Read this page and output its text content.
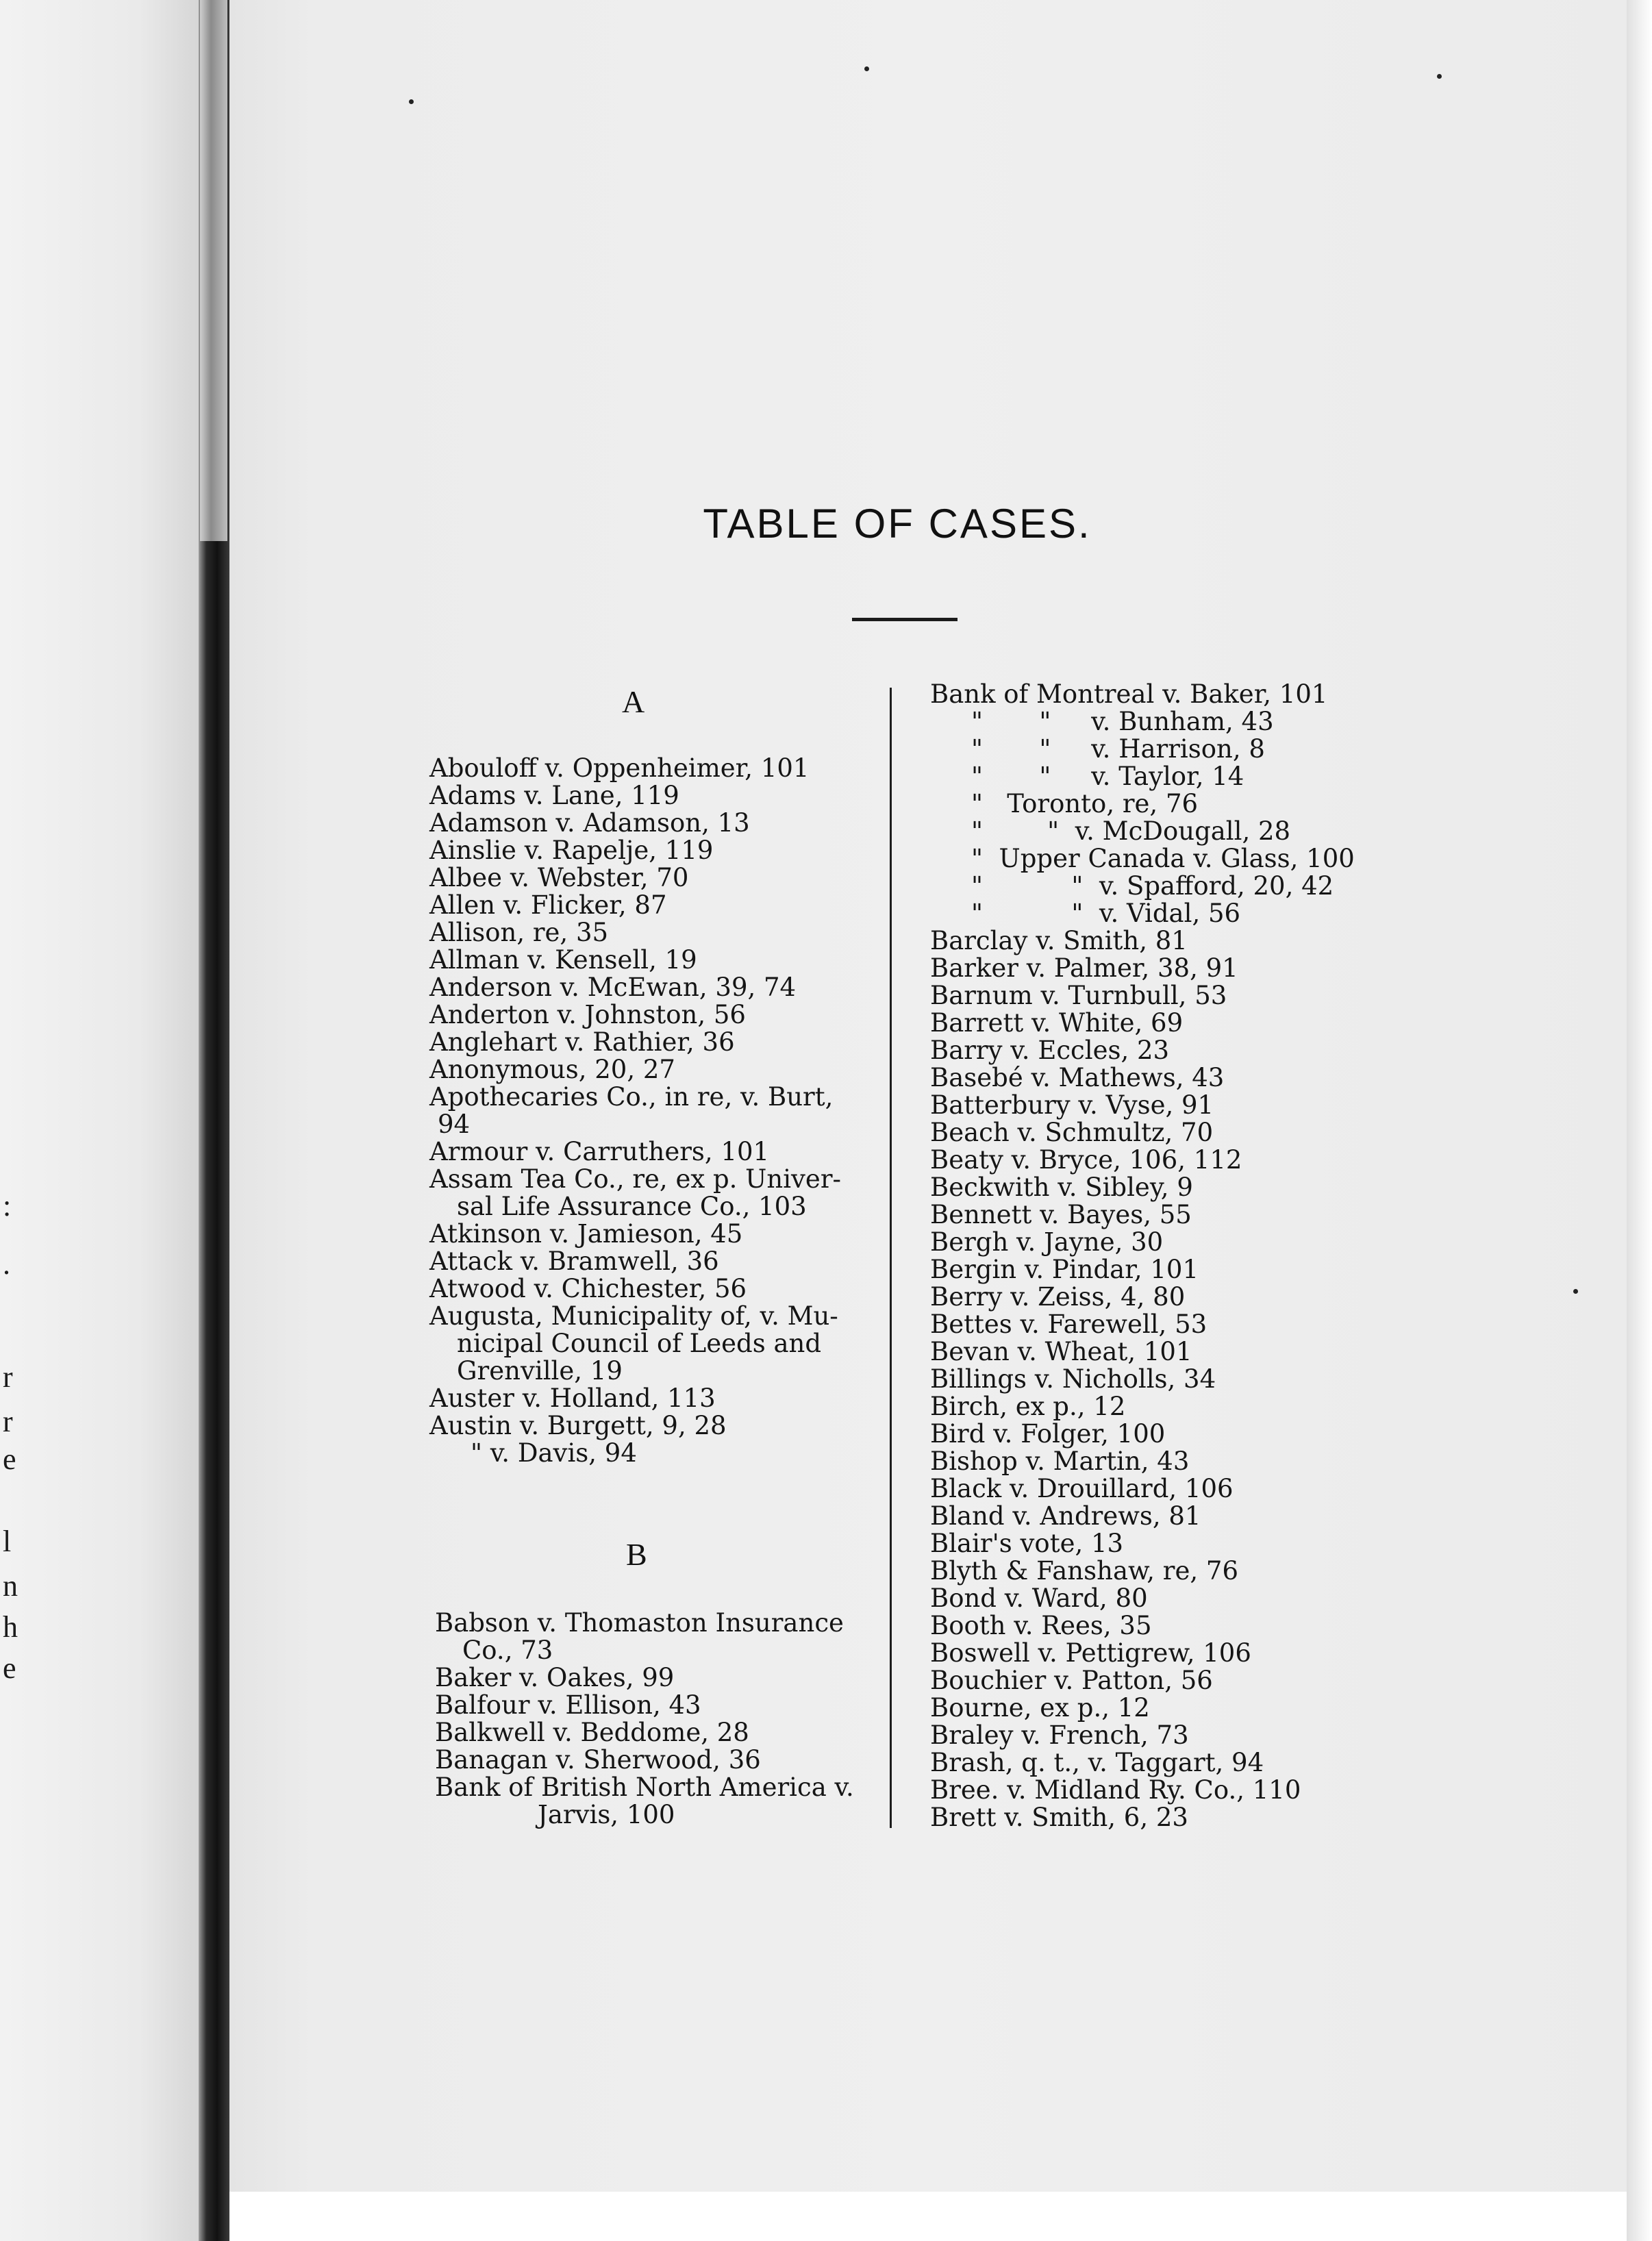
:
.
r
r
e
l
n
h
e
TABLE OF CASES.
A
Abouloff v. Oppenheimer, 101
Adams v. Lane, 119
Adamson v. Adamson, 13
Ainslie v. Rapelje, 119
Albee v. Webster, 70
Allen v. Flicker, 87
Allison, re, 35
Allman v. Kensell, 19
Anderson v. McEwan, 39, 74
Anderton v. Johnston, 56
Anglehart v. Rathier, 36
Anonymous, 20, 27
Apothecaries Co., in re, v. Burt,
94
Armour v. Carruthers, 101
Assam Tea Co., re, ex p. Univer-
sal Life Assurance Co., 103
Atkinson v. Jamieson, 45
Attack v. Bramwell, 36
Atwood v. Chichester, 56
Augusta, Municipality of, v. Mu-
nicipal Council of Leeds and
Grenville, 19
Auster v. Holland, 113
Austin v. Burgett, 9, 28
" v. Davis, 94
B
Babson v. Thomaston Insurance
Co., 73
Baker v. Oakes, 99
Balfour v. Ellison, 43
Balkwell v. Beddome, 28
Banagan v. Sherwood, 36
Bank of British North America v.
Jarvis, 100
Bank of Montreal v. Baker, 101
"       "     v. Bunham, 43
"       "     v. Harrison, 8
"       "     v. Taylor, 14
"   Toronto, re, 76
"        "  v. McDougall, 28
"  Upper Canada v. Glass, 100
"           "  v. Spafford, 20, 42
"           "  v. Vidal, 56
Barclay v. Smith, 81
Barker v. Palmer, 38, 91
Barnum v. Turnbull, 53
Barrett v. White, 69
Barry v. Eccles, 23
Basebé v. Mathews, 43
Batterbury v. Vyse, 91
Beach v. Schmultz, 70
Beaty v. Bryce, 106, 112
Beckwith v. Sibley, 9
Bennett v. Bayes, 55
Bergh v. Jayne, 30
Bergin v. Pindar, 101
Berry v. Zeiss, 4, 80
Bettes v. Farewell, 53
Bevan v. Wheat, 101
Billings v. Nicholls, 34
Birch, ex p., 12
Bird v. Folger, 100
Bishop v. Martin, 43
Black v. Drouillard, 106
Bland v. Andrews, 81
Blair's vote, 13
Blyth & Fanshaw, re, 76
Bond v. Ward, 80
Booth v. Rees, 35
Boswell v. Pettigrew, 106
Bouchier v. Patton, 56
Bourne, ex p., 12
Braley v. French, 73
Brash, q. t., v. Taggart, 94
Bree. v. Midland Ry. Co., 110
Brett v. Smith, 6, 23
